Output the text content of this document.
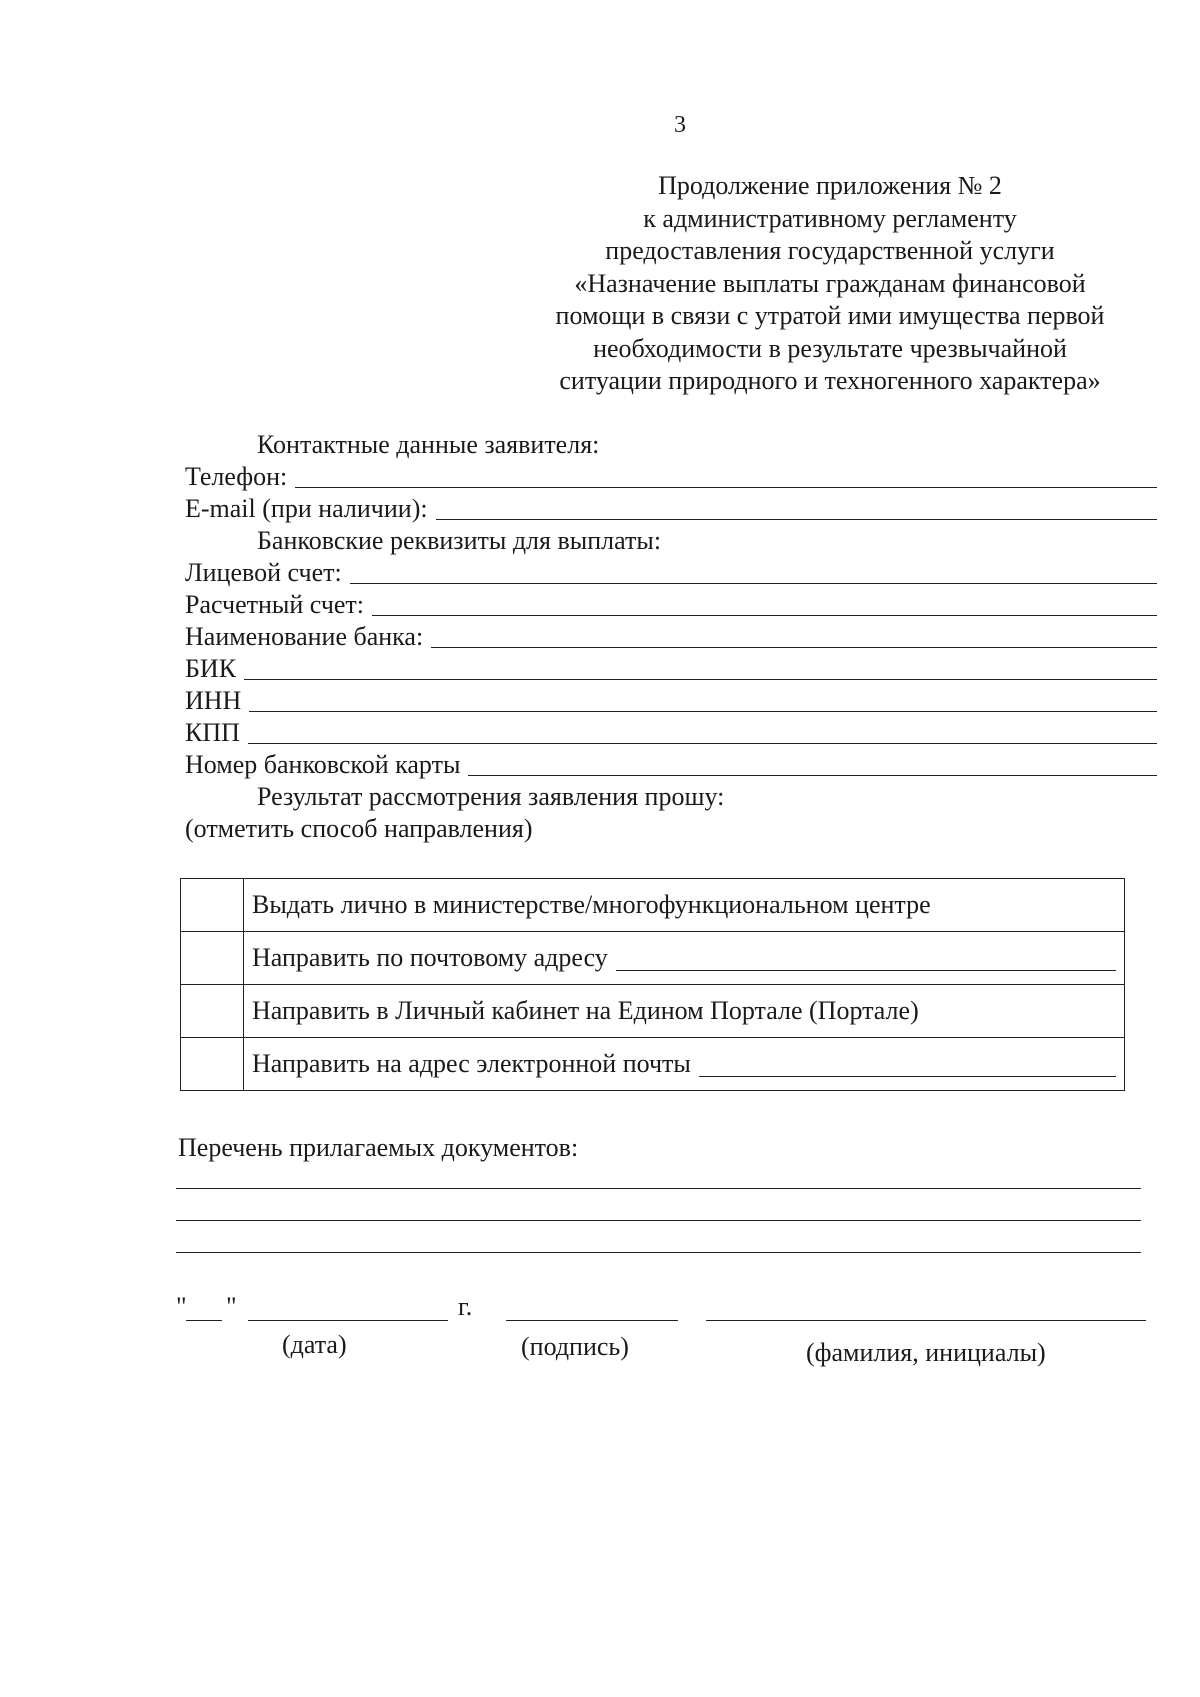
3
Продолжение приложения № 2
к административному регламенту
предоставления государственной услуги
«Назначение выплаты гражданам финансовой
помощи в связи с утратой ими имущества первой
необходимости в результате чрезвычайной
ситуации природного и техногенного характера»
Контактные данные заявителя:
Телефон:
E-mail (при наличии):
Банковские реквизиты для выплаты:
Лицевой счет:
Расчетный счет:
Наименование банка:
БИК
ИНН
КПП
Номер банковской карты
Результат рассмотрения заявления прошу:
(отметить способ направления)
	Выдать лично в министерстве/многофункциональном центре

	Направить по почтовому адресу

	Направить в Личный кабинет на Едином Портале (Портале)

	Направить на адрес электронной почты
Перечень прилагаемых документов:
" "	г.
(дата)	(подпись)	(фамилия, инициалы)
